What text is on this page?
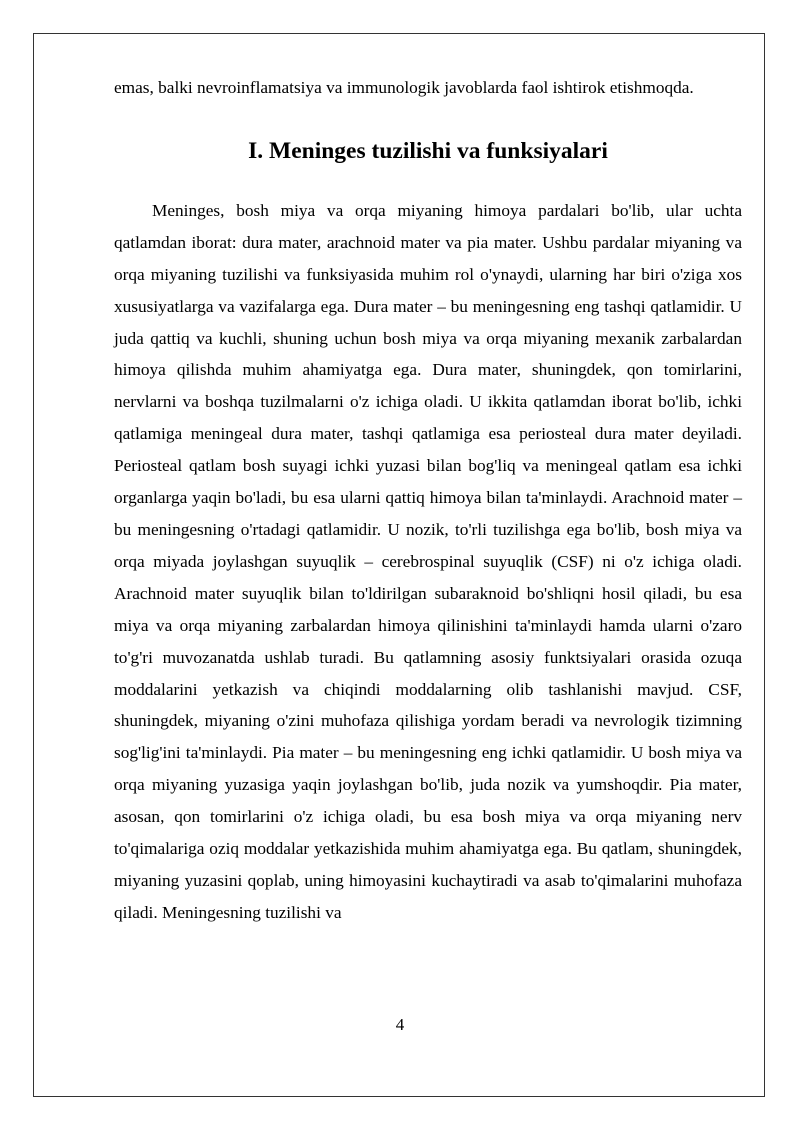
emas, balki nevroinflamatsiya va immunologik javoblarda faol ishtirok etishmoqda.

I. Meninges tuzilishi va funksiyalari

Meninges, bosh miya va orqa miyaning himoya pardalari bo'lib, ular uchta qatlamdan iborat: dura mater, arachnoid mater va pia mater. Ushbu pardalar miyaning va orqa miyaning tuzilishi va funksiyasida muhim rol o'ynaydi, ularning har biri o'ziga xos xususiyatlarga va vazifalarga ega. Dura mater – bu meningesning eng tashqi qatlamidir. U juda qattiq va kuchli, shuning uchun bosh miya va orqa miyaning mexanik zarbalardan himoya qilishda muhim ahamiyatga ega. Dura mater, shuningdek, qon tomirlarini, nervlarni va boshqa tuzilmalarni o'z ichiga oladi. U ikkita qatlamdan iborat bo'lib, ichki qatlamiga meningeal dura mater, tashqi qatlamiga esa periosteal dura mater deyiladi. Periosteal qatlam bosh suyagi ichki yuzasi bilan bog'liq va meningeal qatlam esa ichki organlarga yaqin bo'ladi, bu esa ularni qattiq himoya bilan ta'minlaydi. Arachnoid mater – bu meningesning o'rtadagi qatlamidir. U nozik, to'rli tuzilishga ega bo'lib, bosh miya va orqa miyada joylashgan suyuqlik – cerebrospinal suyuqlik (CSF) ni o'z ichiga oladi. Arachnoid mater suyuqlik bilan to'ldirilgan subaraknoid bo'shliqni hosil qiladi, bu esa miya va orqa miyaning zarbalardan himoya qilinishini ta'minlaydi hamda ularni o'zaro to'g'ri muvozanatda ushlab turadi. Bu qatlamning asosiy funktsiyalari orasida ozuqa moddalarini yetkazish va chiqindi moddalarning olib tashlanishi mavjud. CSF, shuningdek, miyaning o'zini muhofaza qilishiga yordam beradi va nevrologik tizimning sog'lig'ini ta'minlaydi. Pia mater – bu meningesning eng ichki qatlamidir. U bosh miya va orqa miyaning yuzasiga yaqin joylashgan bo'lib, juda nozik va yumshoqdir. Pia mater, asosan, qon tomirlarini o'z ichiga oladi, bu esa bosh miya va orqa miyaning nerv to'qimalariga oziq moddalar yetkazishida muhim ahamiyatga ega. Bu qatlam, shuningdek, miyaning yuzasini qoplab, uning himoyasini kuchaytiradi va asab to'qimalarini muhofaza qiladi. Meningesning tuzilishi va

4
